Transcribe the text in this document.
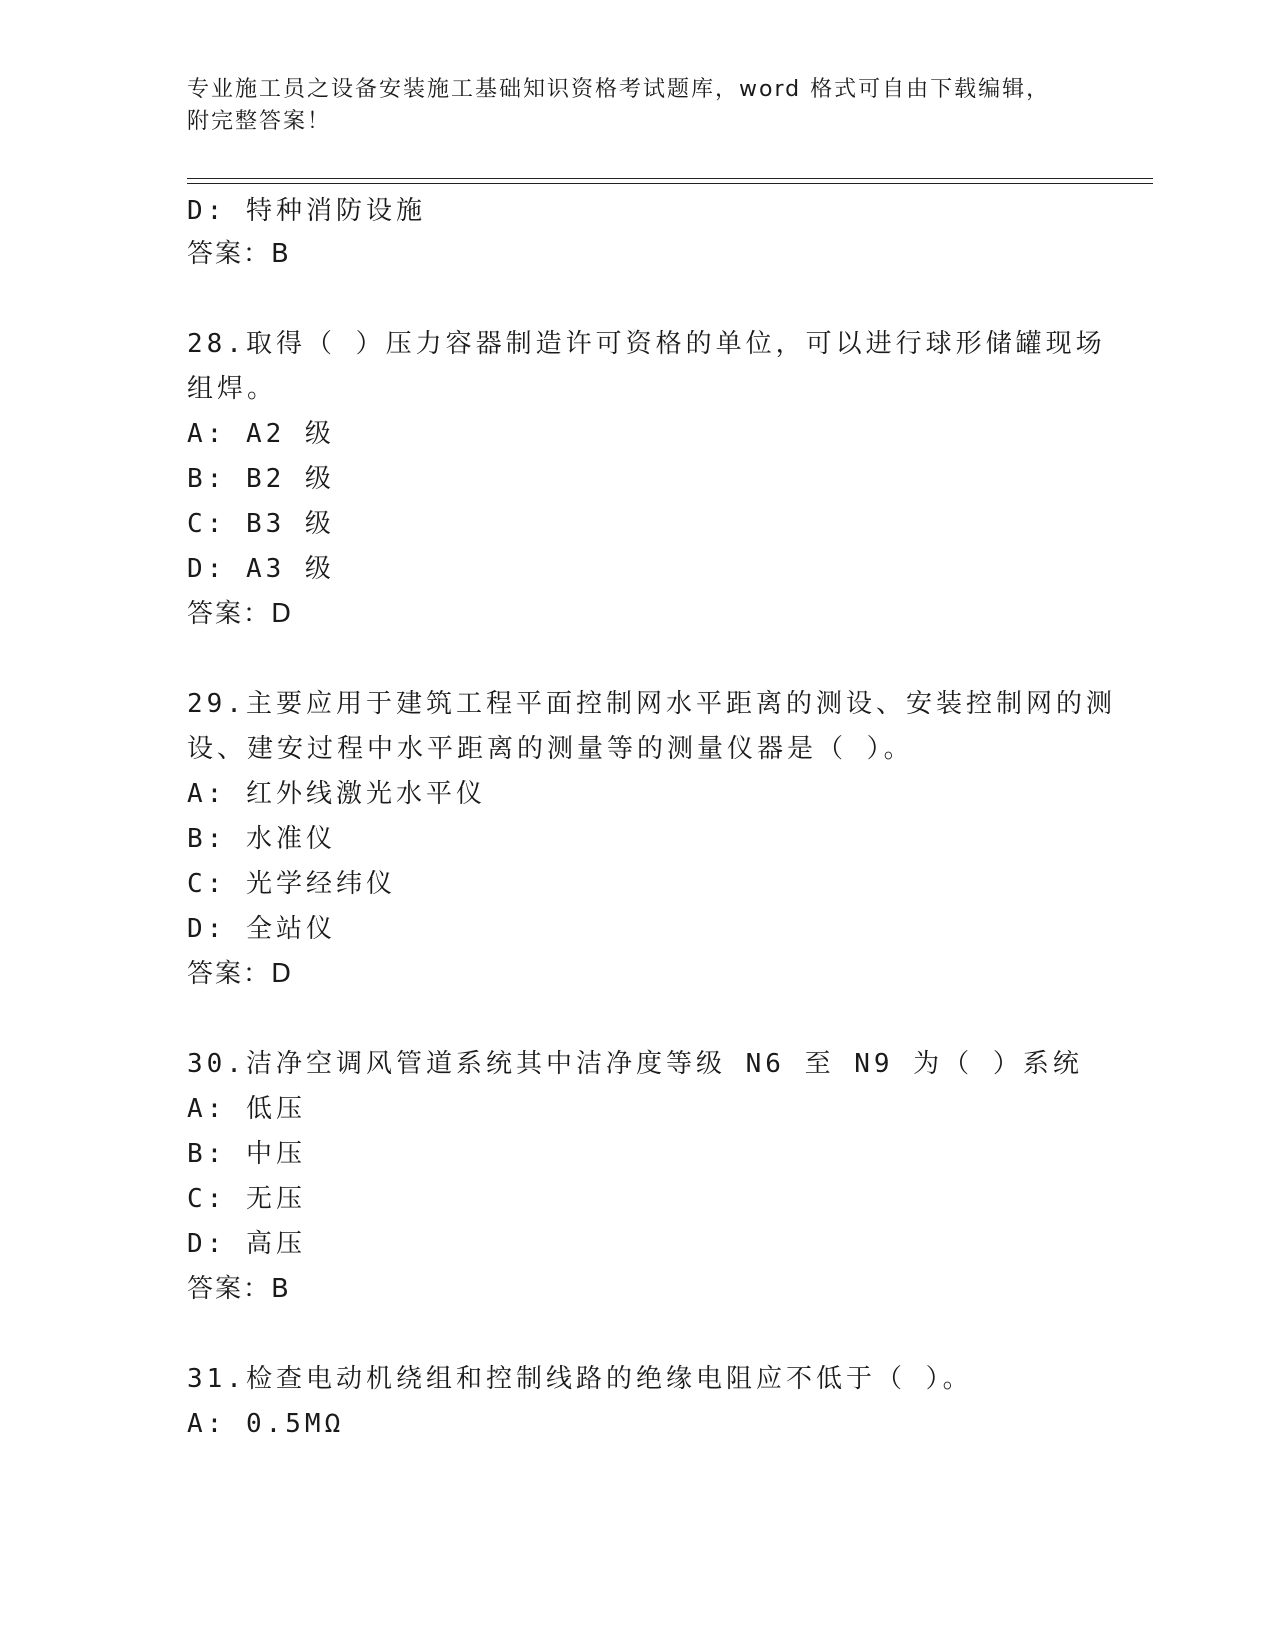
专业施工员之设备安装施工基础知识资格考试题库，word 格式可自由下载编辑，
附完整答案！
D: 特种消防设施
答案：B
28.取得（ ）压力容器制造许可资格的单位，可以进行球形储罐现场
组焊。
A: A2 级
B: B2 级
C: B3 级
D: A3 级
答案：D
29.主要应用于建筑工程平面控制网水平距离的测设、安装控制网的测
设、建安过程中水平距离的测量等的测量仪器是（ ）。
A: 红外线激光水平仪
B: 水准仪
C: 光学经纬仪
D: 全站仪
答案：D
30.洁净空调风管道系统其中洁净度等级 N6 至 N9 为（ ）系统
A: 低压
B: 中压
C: 无压
D: 高压
答案：B
31.检查电动机绕组和控制线路的绝缘电阻应不低于（ ）。
A: 0.5MΩ
